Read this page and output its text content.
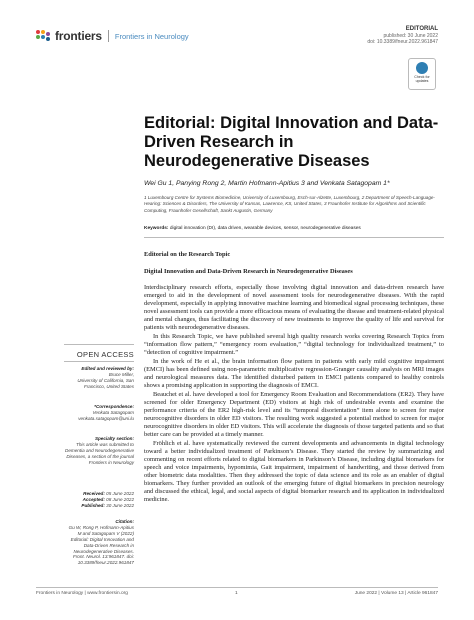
frontiers Frontiers in Neurology
EDITORIAL
published: 30 June 2022
doi: 10.3389/fneur.2022.961847
Check for updates
Editorial: Digital Innovation and Data-Driven Research in Neurodegenerative Diseases
Wei Gu 1, Panying Rong 2, Martin Hofmann-Apitius 3 and Venkata Satagopam 1*
1 Luxembourg Centre for Systems Biomedicine, University of Luxembourg, Esch-sur-Alzette, Luxembourg, 2 Department of Speech-Language-Hearing: Sciences & Disorders, The University of Kansas, Lawrence, KS, United States, 3 Fraunhofer Institute for Algorithms and Scientific Computing, Fraunhofer Gesellschaft, Sankt Augustin, Germany
Keywords: digital innovation (DI), data driven, wearable devices, sensor, neurodegenerative diseases
Editorial on the Research Topic
Digital Innovation and Data-Driven Research in Neurodegenerative Diseases

Interdisciplinary research efforts, especially those involving digital innovation and data-driven research have emerged to aid in the development of novel assessment tools for neurodegenerative diseases. With the rapid development, especially in applying innovative machine learning and biomedical signal processing techniques, these novel assessment tools can provide a more efficacious means of evaluating the disease and treatment-related physical and mental changes, thus facilitating the discovery of new treatments to improve the quality of life and survival for patients with neurodegenerative diseases.

In this Research Topic, we have published several high quality research works covering Research Topics from “information flow pattern,” “emergency room evaluation,” “digital technology for individualized treatment,” to “detection of cognitive impairment.”

In the work of He et al., the brain information flow pattern in patients with early mild cognitive impairment (EMCI) has been defined using non-parametric multiplicative regression-Granger causality analysis on MRI images and neurological measures data. The identified disturbed pattern in EMCI patients compared to healthy controls shows a promising application in supporting the diagnosis of EMCI.

Beauchet et al. have developed a tool for Emergency Room Evaluation and Recommendations (ER2). They have screened for older Emergency Department (ED) visitors at high risk of undesirable events and examine the performance criteria of the ER2 high-risk level and its “temporal disorientation” item alone to screen for major neurocognitive disorders in older ED visitors. The resulting work suggested a potential method to screen for major neurocognitive disorders in older ED visitors. This will accelerate the diagnosis of those targeted patients and so that better care can be provided at a timely manner.

Fröhlich et al. have systematically reviewed the current developments and advancements in digital technology toward a better individualized treatment of Parkinson’s Disease. They started the review by summarizing and commenting on recent efforts related to digital biomarkers in Parkinson’s Disease, including digital biomarkers for speech and voice impairments, hypomimia, Gait impairment, impairment of handwriting, and those derived from other biometric data modalities. Then they addressed the topic of data science and its role as an enabler of digital biomarkers. They further provided an outlook of the emerging future of digital biomarkers in precision neurology and discussed the ethical, legal, and social aspects of digital biomarker research and its application in individualized medicine.

OPEN ACCESS
Edited and reviewed by:
Bruce Miller,
University of California, San Francisco, United States
*Correspondence:
Venkata Satagopam
venkata.satagopam@uni.lu
Specialty section:
This article was submitted to Dementia and Neurodegenerative Diseases, a section of the journal Frontiers in Neurology
Received: 05 June 2022
Accepted: 08 June 2022
Published: 30 June 2022
Citation:
Gu W, Rong P, Hofmann-Apitius M and Satagopam V (2022) Editorial: Digital Innovation and Data-Driven Research in Neurodegenerative Diseases. Front. Neurol. 13:961847. doi: 10.3389/fneur.2022.961847
Frontiers in Neurology | www.frontiersin.org	1	June 2022 | Volume 13 | Article 961847
